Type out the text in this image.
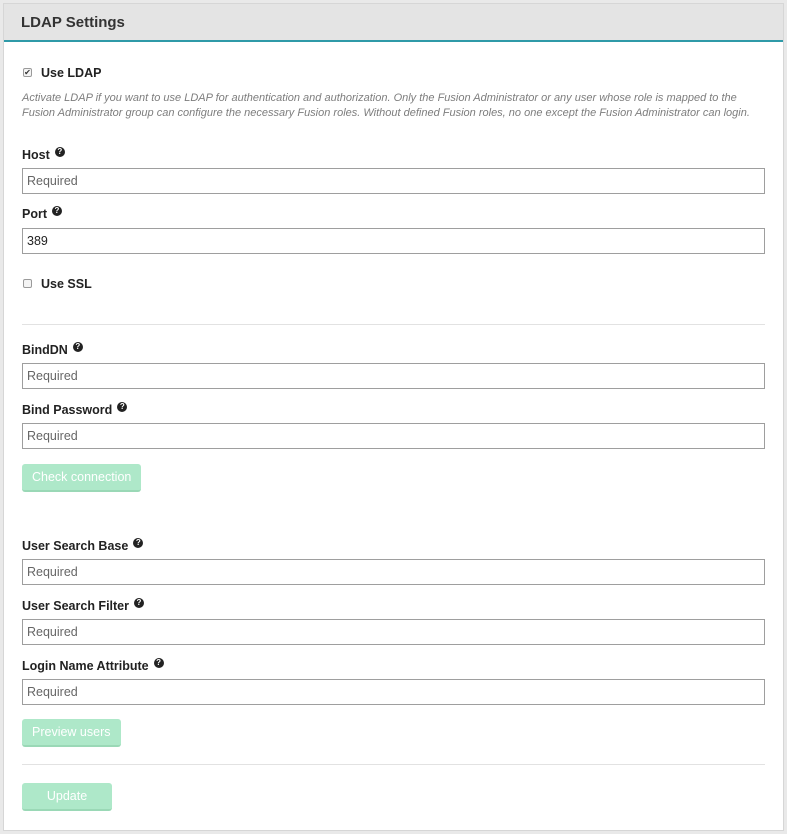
LDAP Settings
✔ Use LDAP
Activate LDAP if you want to use LDAP for authentication and authorization. Only the Fusion Administrator or any user whose role is mapped to the Fusion Administrator group can configure the necessary Fusion roles. Without defined Fusion roles, no one except the Fusion Administrator can login.
Host ?
Required
Port ?
389
Use SSL
BindDN ?
Required
Bind Password ?
Required
Check connection
User Search Base ?
Required
User Search Filter ?
Required
Login Name Attribute ?
Required
Preview users
Update
